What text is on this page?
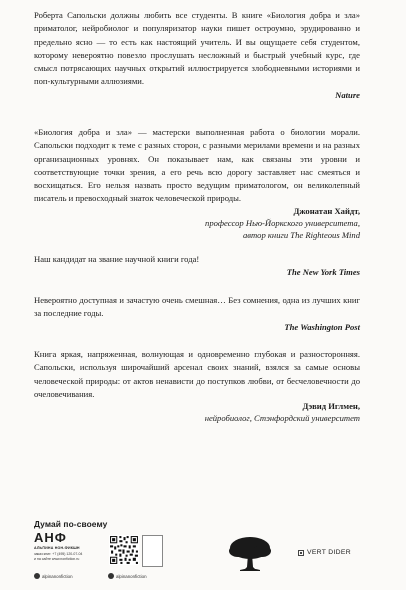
Роберта Сапольски должны любить все студенты. В книге «Биология добра и зла» приматолог, нейробиолог и популяризатор науки пишет остроумно, эрудированно и предельно ясно — то есть как настоящий учитель. И вы ощущаете себя студентом, которому невероятно повезло прослушать несложный и быстрый учебный курс, где смысл потрясающих научных открытий иллюстрируется злободневными историями и поп-культурными аллюзиями.

Nature

«Биология добра и зла» — мастерски выполненная работа о биологии морали. Сапольски подходит к теме с разных сторон, с разными мерилами времени и на разных организационных уровнях. Он показывает нам, как связаны эти уровни и соответствующие точки зрения, а его речь всю дорогу заставляет нас смеяться и восхищаться. Его нельзя назвать просто ведущим приматологом, он великолепный писатель и превосходный знаток человеческой природы.

Джонатан Хайдт,
профессор Нью-Йоркского университета,
автор книги The Righteous Mind

Наш кандидат на звание научной книги года!

The New York Times

Невероятно доступная и зачастую очень смешная… Без сомнения, одна из лучших книг за последние годы.

The Washington Post

Книга яркая, напряженная, волнующая и одновременно глубокая и разносторонняя. Сапольски, используя широчайший арсенал своих знаний, взялся за самые основы человеческой природы: от актов ненависти до поступков любви, от бесчеловечности до очеловечивания.

Дэвид Иглмен,
нейробиолог, Стэнфордский университет
Думай по-своему
АНФ
АЛЬПИНА НОН-ФИКШН
заказ книг: +7 (495) 120-07-04
и на сайте www.nonfiction.ru
alpinanonfiction	alpinanonfiction
VERT DIDER
